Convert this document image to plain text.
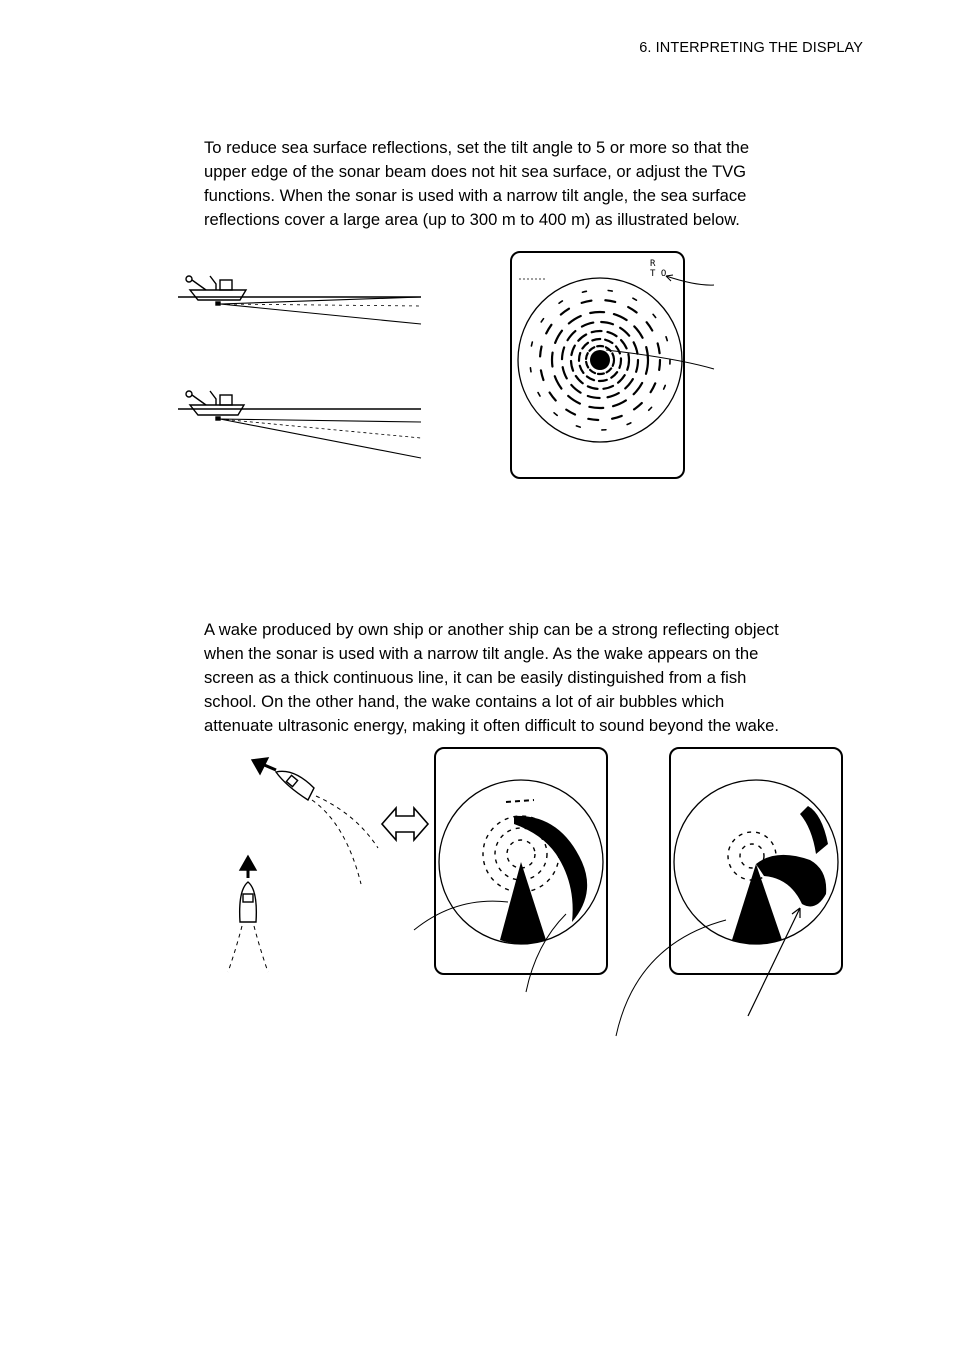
6. INTERPRETING THE DISPLAY
To reduce sea surface reflections, set the tilt angle to 5 or more so that the
upper edge of the sonar beam does not hit sea surface, or adjust the TVG
functions. When the sonar is used with a narrow tilt angle, the sea surface
reflections cover a large area (up to 300 m to 400 m) as illustrated below.
R
T O
A wake produced by own ship or another ship can be a strong reflecting object
when the sonar is used with a narrow tilt angle. As the wake appears on the
screen as a thick continuous line, it can be easily distinguished from a fish
school. On the other hand, the wake contains a lot of air bubbles which
attenuate ultrasonic energy, making it often difficult to sound beyond the wake.
